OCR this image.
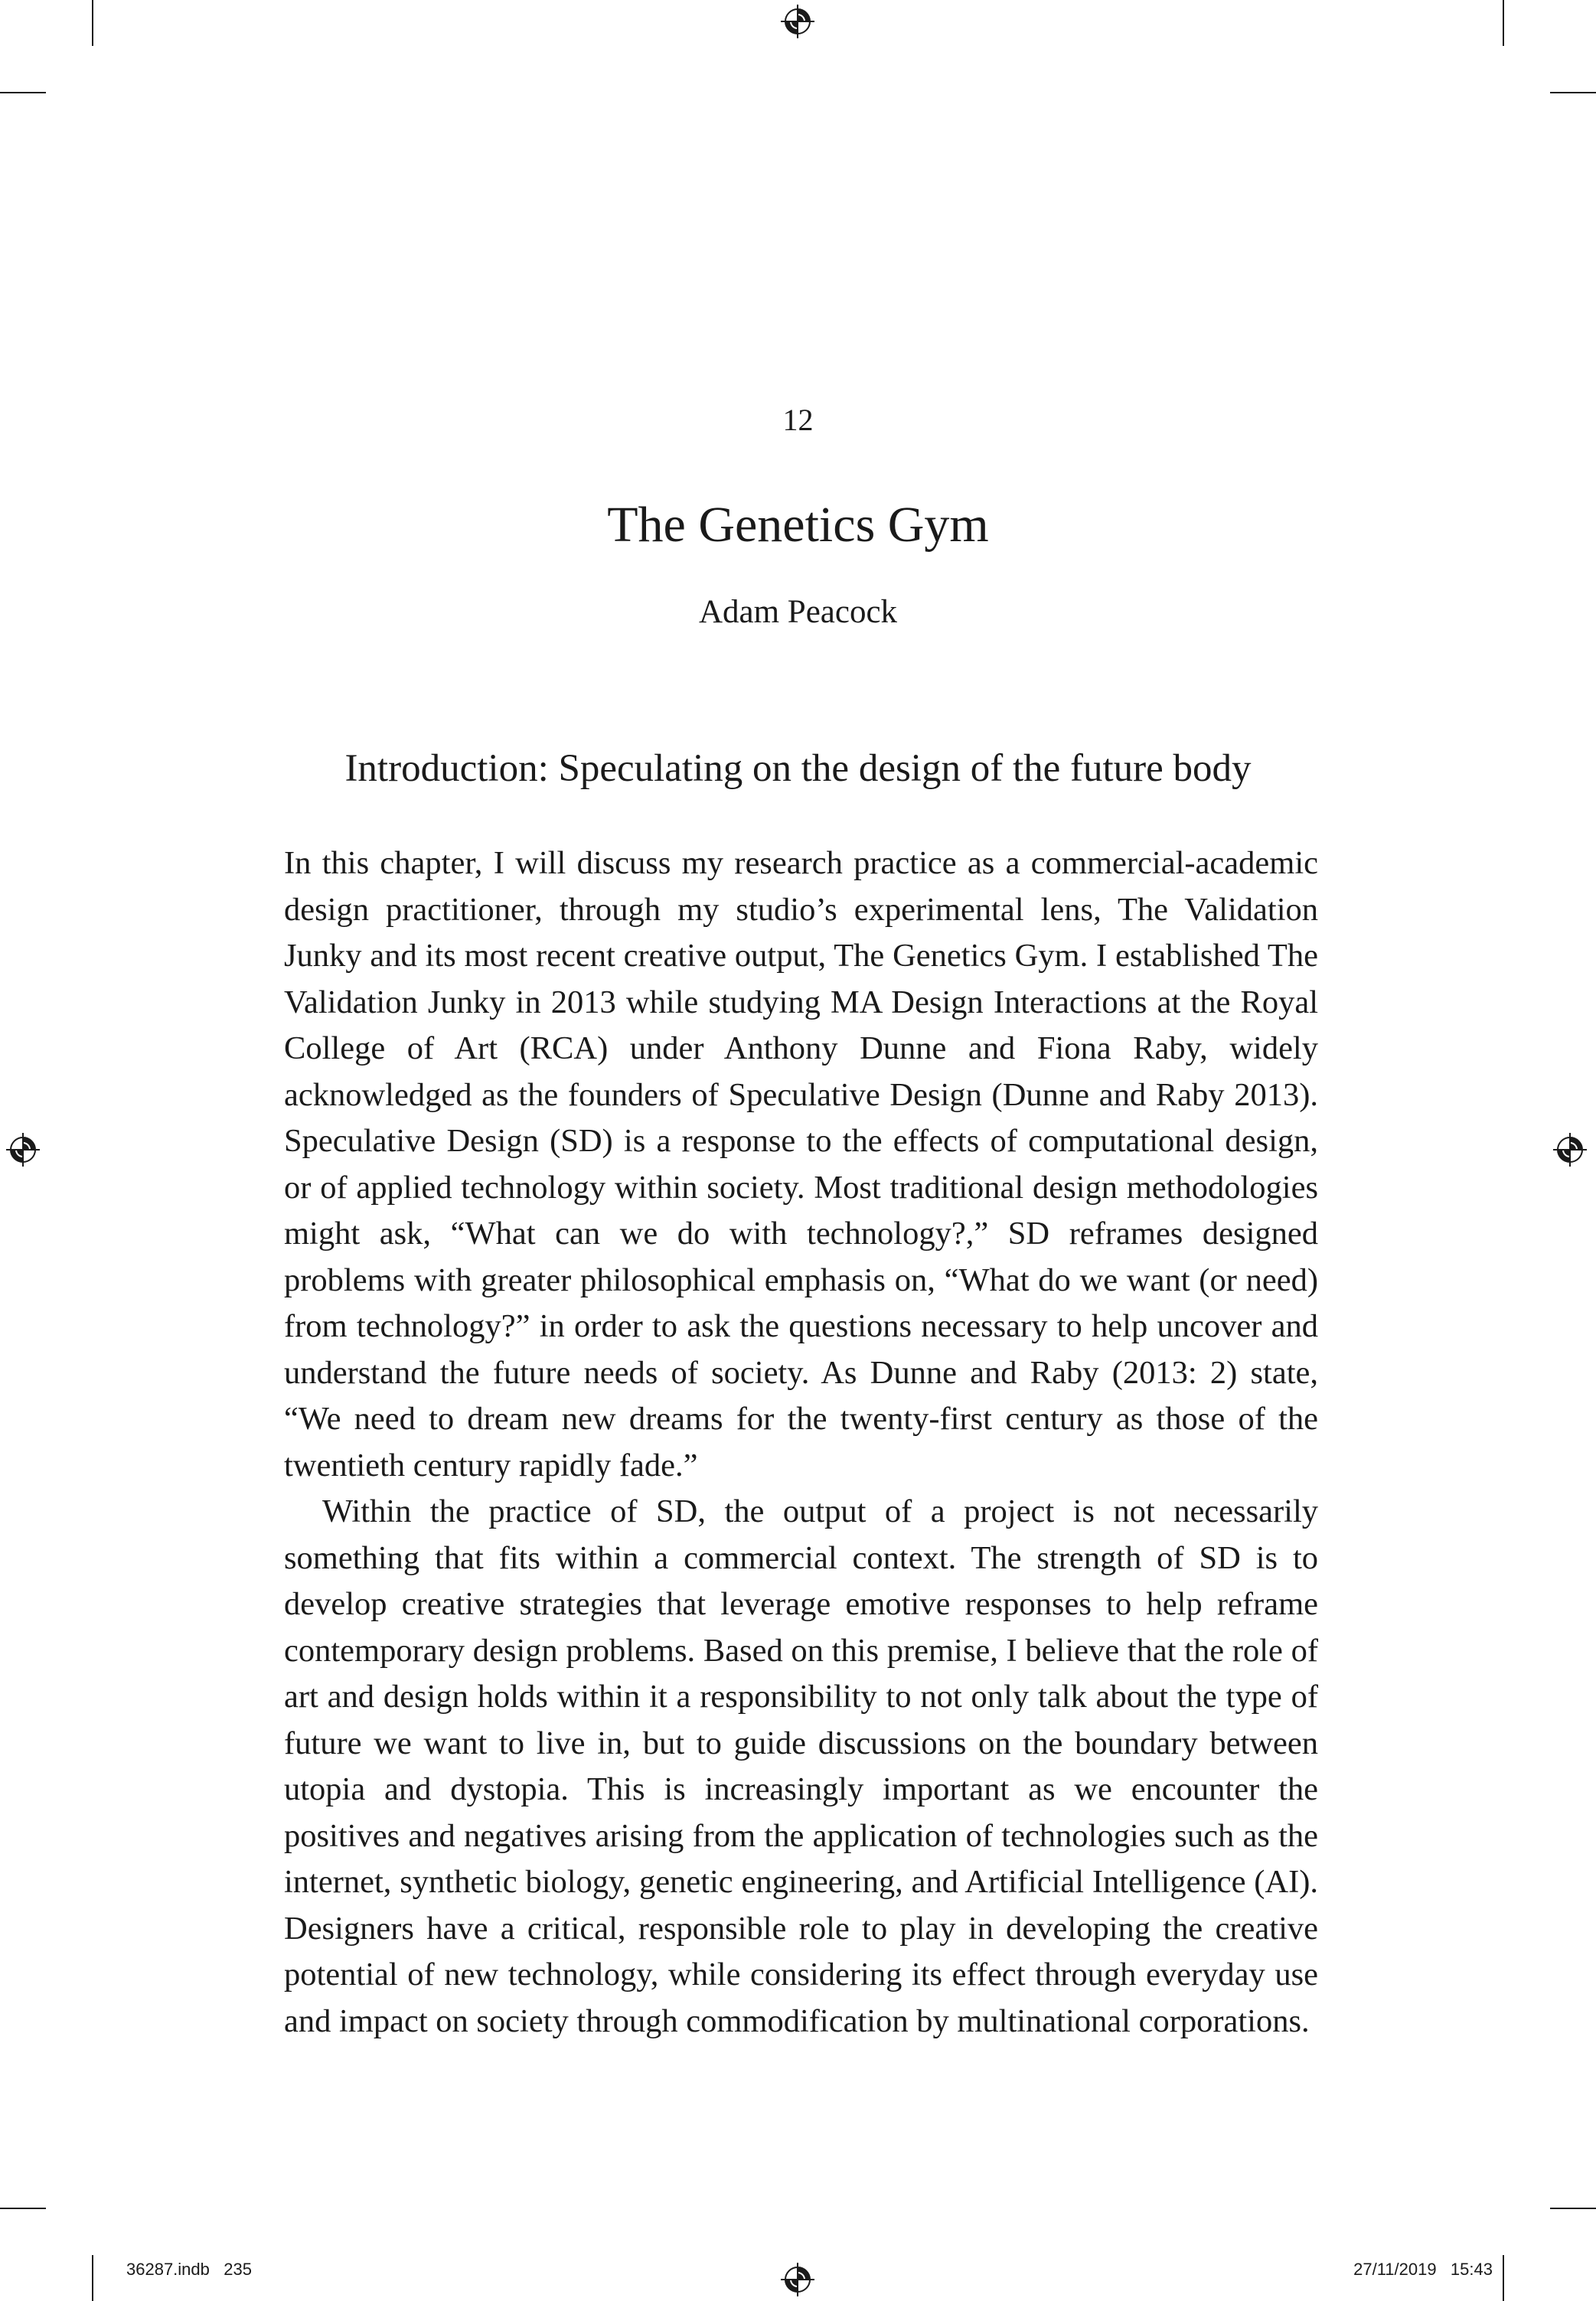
12
The Genetics Gym
Adam Peacock
Introduction: Speculating on the design of the future body

In this chapter, I will discuss my research practice as a commercial-academic design practitioner, through my studio’s experimental lens, The Validation Junky and its most recent creative output, The Genetics Gym. I established The Validation Junky in 2013 while studying MA Design Interactions at the Royal College of Art (RCA) under Anthony Dunne and Fiona Raby, widely acknowledged as the founders of Speculative Design (Dunne and Raby 2013). Speculative Design (SD) is a response to the effects of computational design, or of applied technology within society. Most traditional design methodologies might ask, “What can we do with technology?,” SD reframes designed problems with greater philosophical emphasis on, “What do we want (or need) from technology?” in order to ask the questions necessary to help uncover and understand the future needs of society. As Dunne and Raby (2013: 2) state, “We need to dream new dreams for the twenty-first century as those of the twentieth century rapidly fade.”

Within the practice of SD, the output of a project is not necessarily something that fits within a commercial context. The strength of SD is to develop creative strategies that leverage emotive responses to help reframe contemporary design problems. Based on this premise, I believe that the role of art and design holds within it a responsibility to not only talk about the type of future we want to live in, but to guide discussions on the boundary between utopia and dystopia. This is increasingly important as we encounter the positives and negatives arising from the application of technologies such as the internet, synthetic biology, genetic engineering, and Artificial Intelligence (AI). Designers have a critical, responsible role to play in developing the creative potential of new technology, while considering its effect through everyday use and impact on society through commodification by multinational corporations.

36287.indb   235	27/11/2019   15:43
